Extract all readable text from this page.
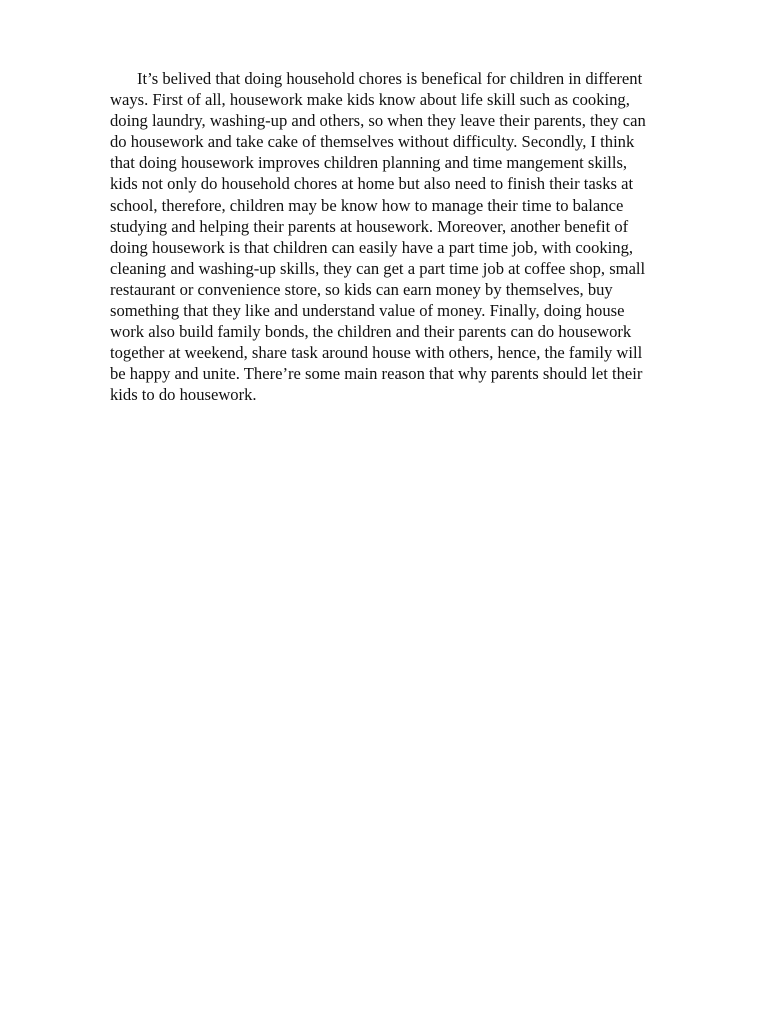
It’s belived that doing household chores is benefical for children in different
ways. First of all, housework make kids know about life skill such as cooking,
doing laundry, washing-up and others, so when they leave their parents, they can
do housework and take cake of themselves without difficulty. Secondly, I think
that doing housework improves children planning and time mangement skills,
kids not only do household chores at home but also need to finish their tasks at
school, therefore, children may be know how to manage their time to balance
studying and helping their parents at housework. Moreover, another benefit of
doing housework is that children can easily have a part time job, with cooking,
cleaning and washing-up skills, they can get a part time job at coffee shop, small
restaurant or convenience store, so kids can earn money by themselves, buy
something that they like and understand value of money. Finally, doing house
work also build family bonds, the children and their parents can do housework
together at weekend, share task around house with others, hence, the family will
be happy and unite. There’re some main reason that why parents should let their
kids to do housework.
